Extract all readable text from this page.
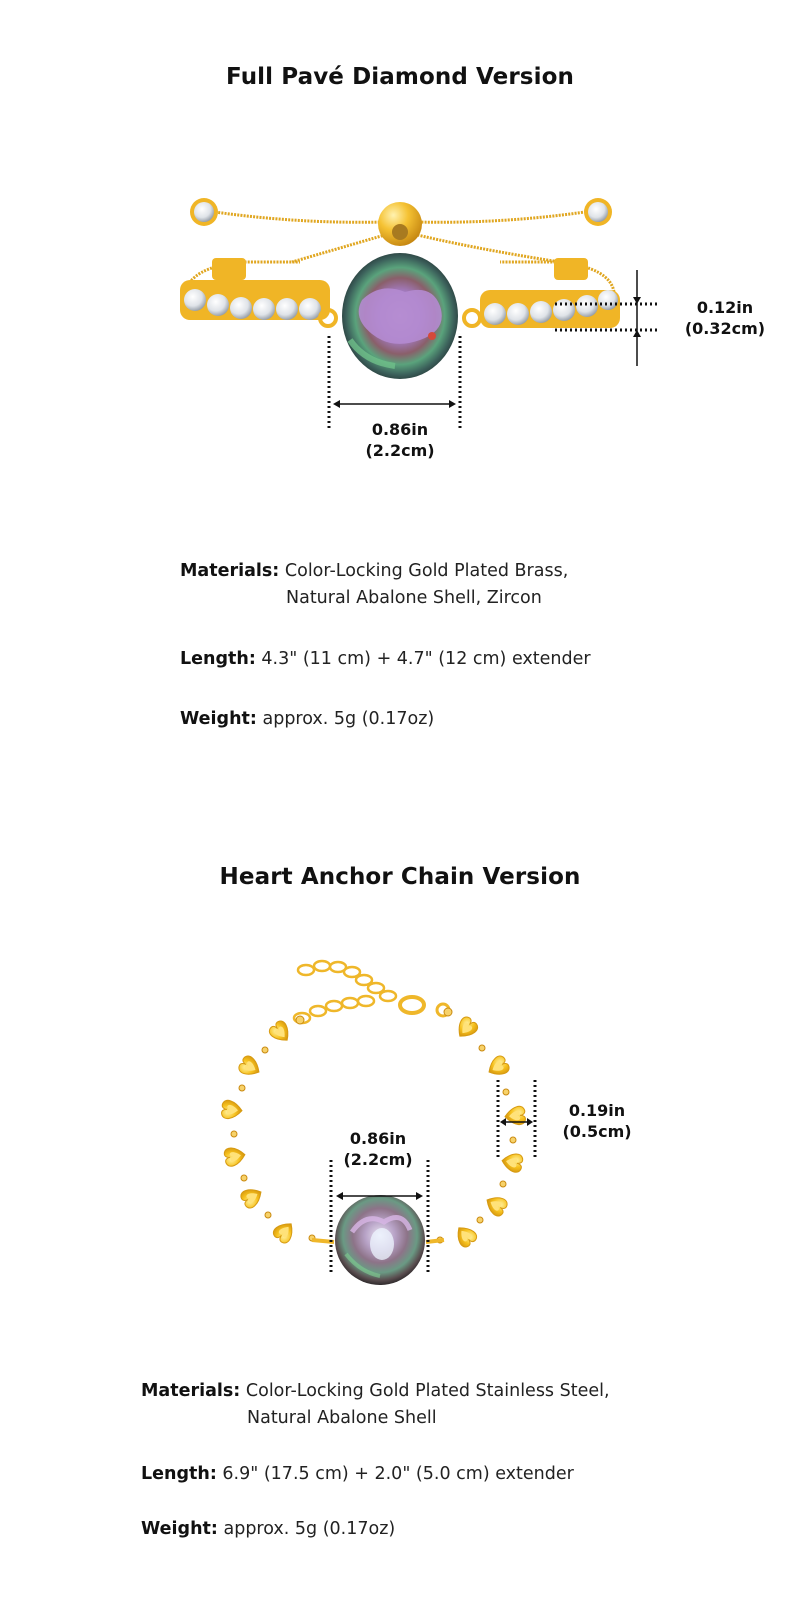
Full Pavé Diamond Version
0.86in
(2.2cm)
0.12in
(0.32cm)
Materials: Color-Locking Gold Plated Brass,
Natural Abalone Shell, Zircon
Length: 4.3" (11 cm) + 4.7" (12 cm) extender
Weight: approx. 5g (0.17oz)
Heart Anchor Chain Version
0.86in
(2.2cm)
0.19in
(0.5cm)
Materials: Color-Locking Gold Plated Stainless Steel,
Natural Abalone Shell
Length: 6.9" (17.5 cm) + 2.0" (5.0 cm) extender
Weight: approx. 5g (0.17oz)
